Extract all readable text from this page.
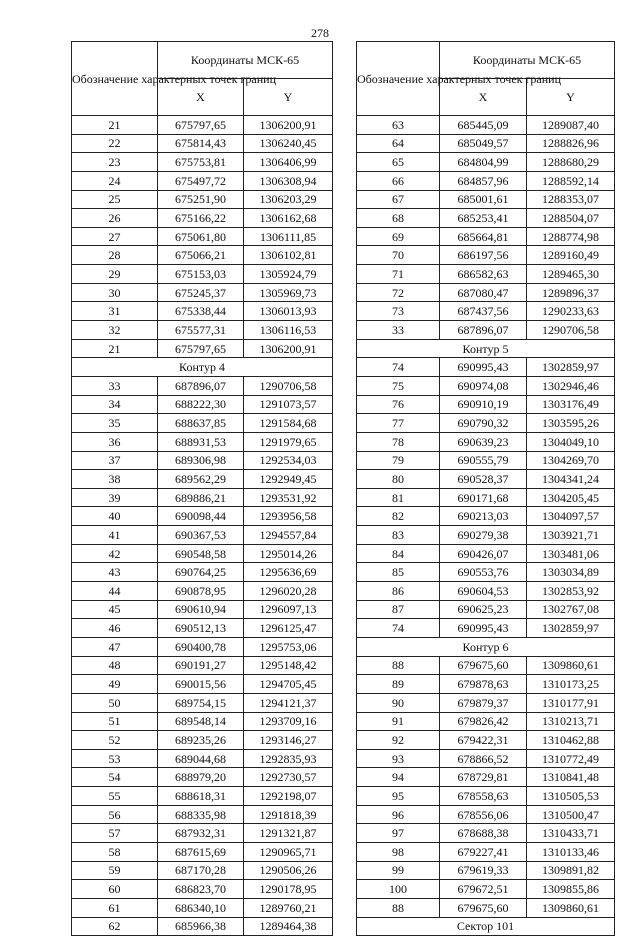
278
Обозначение характерных точек границ	Координаты МСК-65	
	X	Y
21	675797,65	1306200,91
22	675814,43	1306240,45
23	675753,81	1306406,99
24	675497,72	1306308,94
25	675251,90	1306203,29
26	675166,22	1306162,68
27	675061,80	1306111,85
28	675066,21	1306102,81
29	675153,03	1305924,79
30	675245,37	1305969,73
31	675338,44	1306013,93
32	675577,31	1306116,53
21	675797,65	1306200,91
Контур 4		
33	687896,07	1290706,58
34	688222,30	1291073,57
35	688637,85	1291584,68
36	688931,53	1291979,65
37	689306,98	1292534,03
38	689562,29	1292949,45
39	689886,21	1293531,92
40	690098,44	1293956,58
41	690367,53	1294557,84
42	690548,58	1295014,26
43	690764,25	1295636,69
44	690878,95	1296020,28
45	690610,94	1296097,13
46	690512,13	1296125,47
47	690400,78	1295753,06
48	690191,27	1295148,42
49	690015,56	1294705,45
50	689754,15	1294121,37
51	689548,14	1293709,16
52	689235,26	1293146,27
53	689044,68	1292835,93
54	688979,20	1292730,57
55	688618,31	1292198,07
56	688335,98	1291818,39
57	687932,31	1291321,87
58	687615,69	1290965,71
59	687170,28	1290506,26
60	686823,70	1290178,95
61	686340,10	1289760,21
62	685966,38	1289464,38
Обозначение характерных точек границ	Координаты МСК-65	
	X	Y
63	685445,09	1289087,40
64	685049,57	1288826,96
65	684804,99	1288680,29
66	684857,96	1288592,14
67	685001,61	1288353,07
68	685253,41	1288504,07
69	685664,81	1288774,98
70	686197,56	1289160,49
71	686582,63	1289465,30
72	687080,47	1289896,37
73	687437,56	1290233,63
33	687896,07	1290706,58
Контур 5		
74	690995,43	1302859,97
75	690974,08	1302946,46
76	690910,19	1303176,49
77	690790,32	1303595,26
78	690639,23	1304049,10
79	690555,79	1304269,70
80	690528,37	1304341,24
81	690171,68	1304205,45
82	690213,03	1304097,57
83	690279,38	1303921,71
84	690426,07	1303481,06
85	690553,76	1303034,89
86	690604,53	1302853,92
87	690625,23	1302767,08
74	690995,43	1302859,97
Контур 6		
88	679675,60	1309860,61
89	679878,63	1310173,25
90	679879,37	1310177,91
91	679826,42	1310213,71
92	679422,31	1310462,88
93	678866,52	1310772,49
94	678729,81	1310841,48
95	678558,63	1310505,53
96	678556,06	1310500,47
97	678688,38	1310433,71
98	679227,41	1310133,46
99	679619,33	1309891,82
100	679672,51	1309855,86
88	679675,60	1309860,61
Сектор 101		
